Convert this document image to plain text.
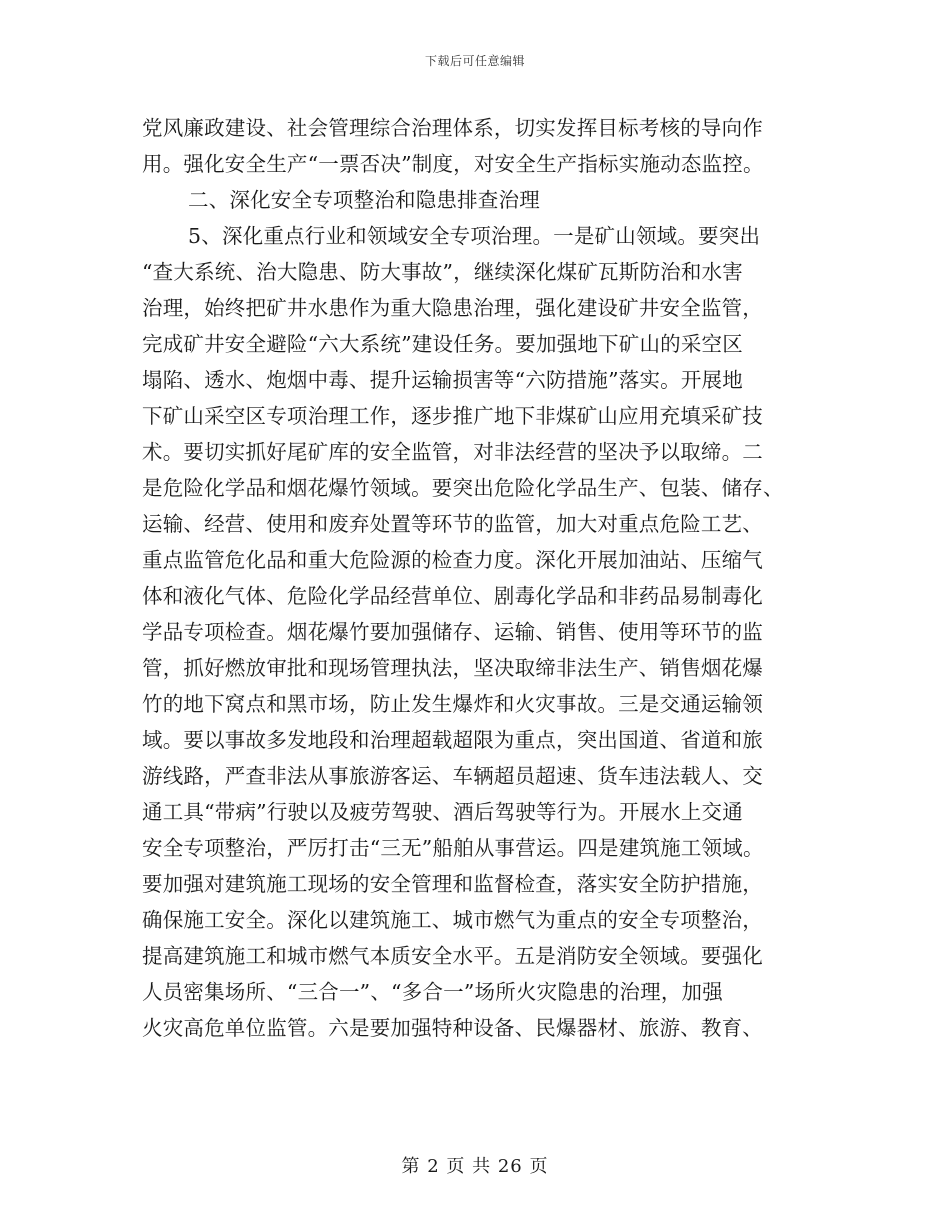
下载后可任意编辑
党风廉政建设、社会管理综合治理体系，切实发挥目标考核的导向作
用。强化安全生产“一票否决”制度，对安全生产指标实施动态监控。
二、深化安全专项整治和隐患排查治理
5、深化重点行业和领域安全专项治理。一是矿山领域。要突出
“查大系统、治大隐患、防大事故”，继续深化煤矿瓦斯防治和水害
治理，始终把矿井水患作为重大隐患治理，强化建设矿井安全监管，
完成矿井安全避险“六大系统”建设任务。要加强地下矿山的采空区
塌陷、透水、炮烟中毒、提升运输损害等“六防措施”落实。开展地
下矿山采空区专项治理工作，逐步推广地下非煤矿山应用充填采矿技
术。要切实抓好尾矿库的安全监管，对非法经营的坚决予以取缔。二
是危险化学品和烟花爆竹领域。要突出危险化学品生产、包装、储存、
运输、经营、使用和废弃处置等环节的监管，加大对重点危险工艺、
重点监管危化品和重大危险源的检查力度。深化开展加油站、压缩气
体和液化气体、危险化学品经营单位、剧毒化学品和非药品易制毒化
学品专项检查。烟花爆竹要加强储存、运输、销售、使用等环节的监
管，抓好燃放审批和现场管理执法，坚决取缔非法生产、销售烟花爆
竹的地下窝点和黑市场，防止发生爆炸和火灾事故。三是交通运输领
域。要以事故多发地段和治理超载超限为重点，突出国道、省道和旅
游线路，严查非法从事旅游客运、车辆超员超速、货车违法载人、交
通工具“带病”行驶以及疲劳驾驶、酒后驾驶等行为。开展水上交通
安全专项整治，严厉打击“三无”船舶从事营运。四是建筑施工领域。
要加强对建筑施工现场的安全管理和监督检查，落实安全防护措施，
确保施工安全。深化以建筑施工、城市燃气为重点的安全专项整治，
提高建筑施工和城市燃气本质安全水平。五是消防安全领域。要强化
人员密集场所、“三合一”、“多合一”场所火灾隐患的治理，加强
火灾高危单位监管。六是要加强特种设备、民爆器材、旅游、教育、
第 2 页 共 26 页
